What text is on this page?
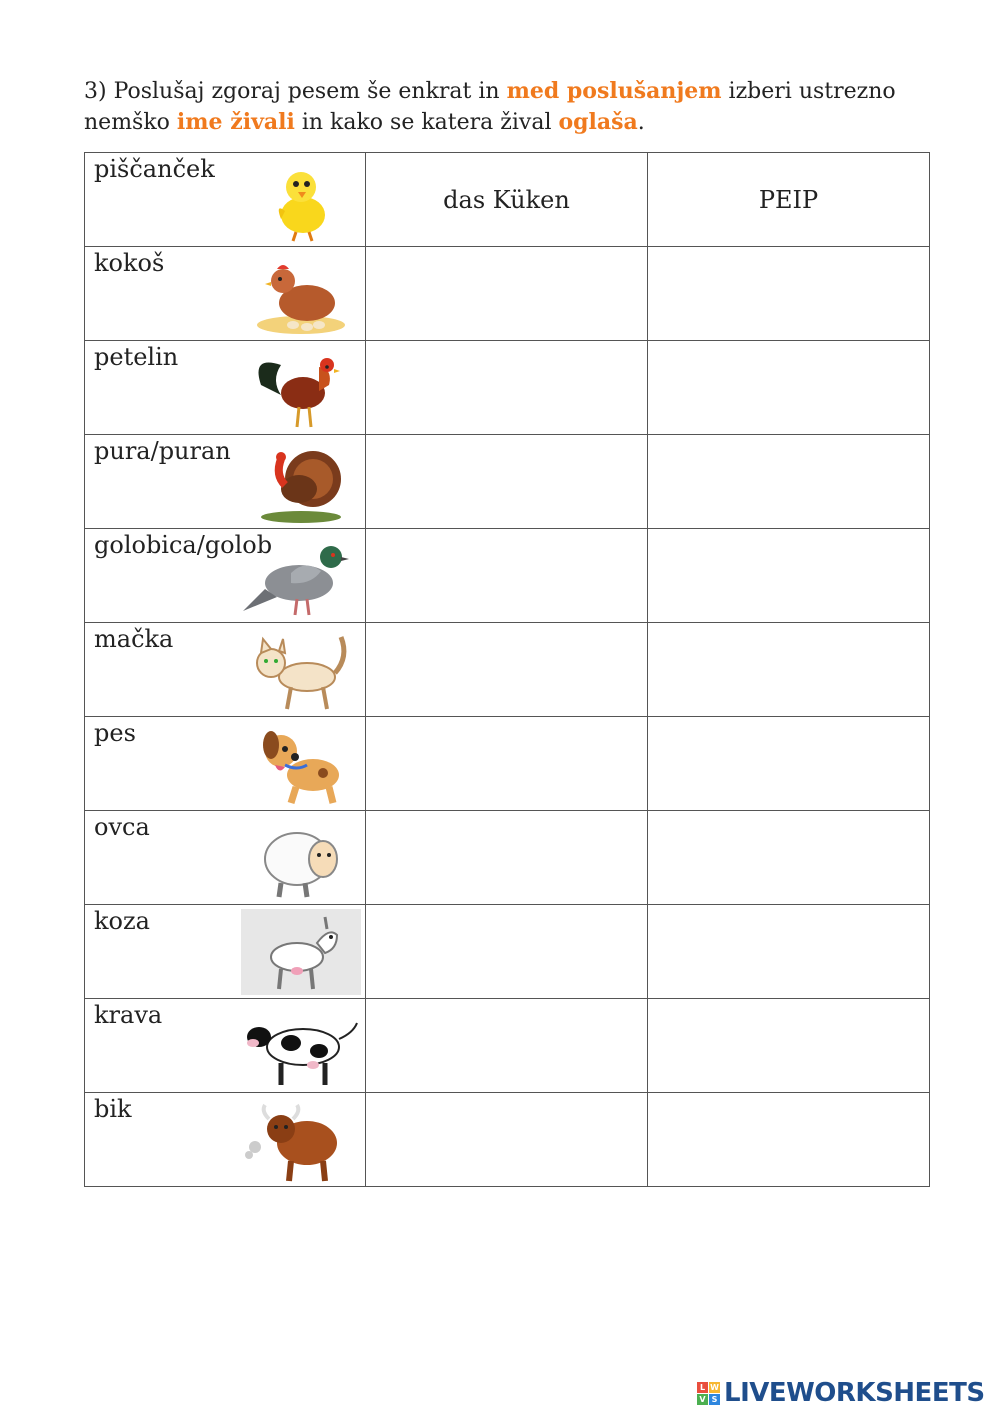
3) Poslušaj zgoraj pesem še enkrat in med poslušanjem izberi ustrezno nemško ime živali in kako se katera žival oglaša.

piščanček	das Küken	PEIP

kokoš		

petelin		

pura/puran		

golobica/golob		

mačka		

pes		

ovca		

koza		

krava		

bik		

L W
V S LIVEWORKSHEETS
